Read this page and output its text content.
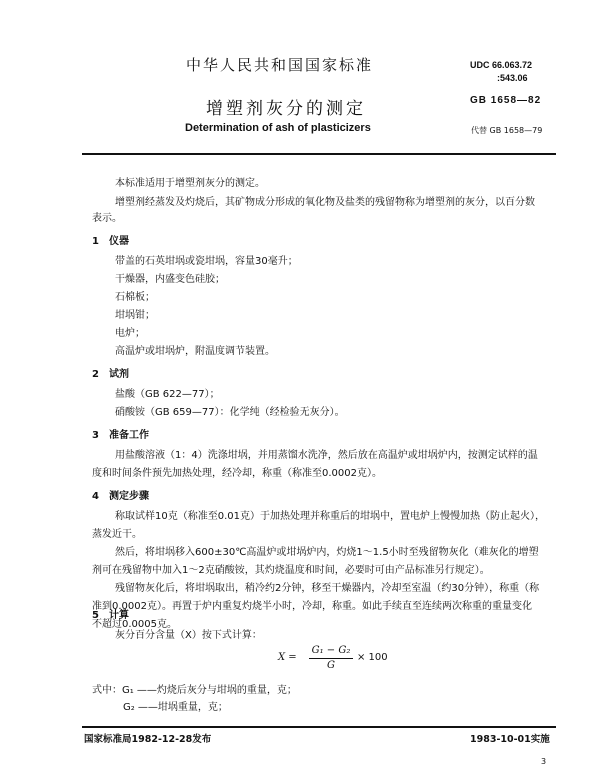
中华人民共和国国家标准	UDC 66.063.72
:543.06
增塑剂灰分的测定	GB 1658—82
Determination of ash of plasticizers	代替 GB 1658—79
本标准适用于增塑剂灰分的测定。
增塑剂经蒸发及灼烧后，其矿物成分形成的氧化物及盐类的残留物称为增塑剂的灰分，以百分数
表示。
1　仪器
带盖的石英坩埚或瓷坩埚，容量30毫升；
干燥器，内盛变色硅胶；
石棉板；
坩埚钳；
电炉；
高温炉或坩埚炉，附温度调节装置。
2　试剂
盐酸（GB 622—77）；
硝酸铵（GB 659—77）：化学纯（经检验无灰分）。
3　准备工作
用盐酸溶液（1：4）洗涤坩埚，并用蒸馏水洗净，然后放在高温炉或坩埚炉内，按测定试样的温
度和时间条件预先加热处理，经冷却，称重（称准至0.0002克）。
4　测定步骤
称取试样10克（称准至0.01克）于加热处理并称重后的坩埚中，置电炉上慢慢加热（防止起火），
蒸发近干。
然后，将坩埚移入600±30℃高温炉或坩埚炉内，灼烧1～1.5小时至残留物灰化（难灰化的增塑
剂可在残留物中加入1～2克硝酸铵，其灼烧温度和时间，必要时可由产品标准另行规定）。
残留物灰化后，将坩埚取出，稍冷约2分钟，移至干燥器内，冷却至室温（约30分钟），称重（称
准到0.0002克）。再置于炉内重复灼烧半小时，冷却，称重。如此手续直至连续两次称重的重量变化
不超过0.0005克。
5　计算
灰分百分含量（X）按下式计算：
X =
G₁ − G₂
G
× 100
式中：G₁ ——灼烧后灰分与坩埚的重量，克；
G₂ ——坩埚重量，克；
国家标准局1982-12-28发布	1983-10-01实施
3
